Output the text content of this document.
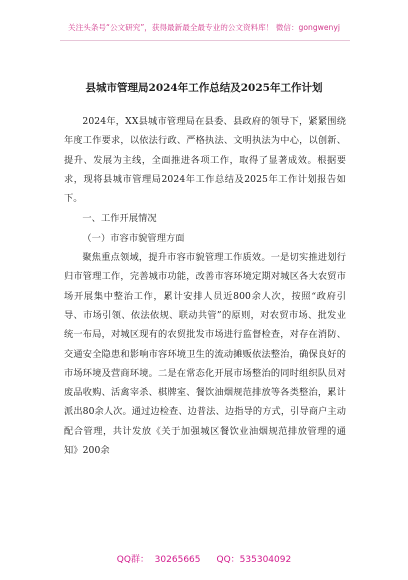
关注头条号“公文研究”，获得最新最全最专业的公文资料库！ 微信：gongwenyj
县城市管理局2024年工作总结及2025年工作计划

2024年，XX县城市管理局在县委、县政府的领导下，紧紧围绕年度工作要求，以依法行政、严格执法、文明执法为中心，以创新、提升、发展为主线，全面推进各项工作，取得了显著成效。根据要求，现将县城市管理局2024年工作总结及2025年工作计划报告如下。

一、工作开展情况

（一）市容市貌管理方面

聚焦重点领域，提升市容市貌管理工作质效。一是切实推进划行归市管理工作，完善城市功能，改善市容环境定期对城区各大农贸市场开展集中整治工作，累计安排人员近800余人次，按照“政府引导、市场引领、依法依规、联动共管”的原则，对农贸市场、批发业统一布局，对城区现有的农贸批发市场进行监督检查，对存在消防、交通安全隐患和影响市容环境卫生的流动摊贩依法整治，确保良好的市场环境及营商环境。二是在常态化开展市场整治的同时组织队员对废品收购、活禽宰杀、棋牌室、餐饮油烟规范排放等各类整治，累计派出80余人次。通过边检查、边普法、边指导的方式，引导商户主动配合管理，共计发放《关于加强城区餐饮业油烟规范排放管理的通知》200余

QQ群：  30265665 QQ：535304092
